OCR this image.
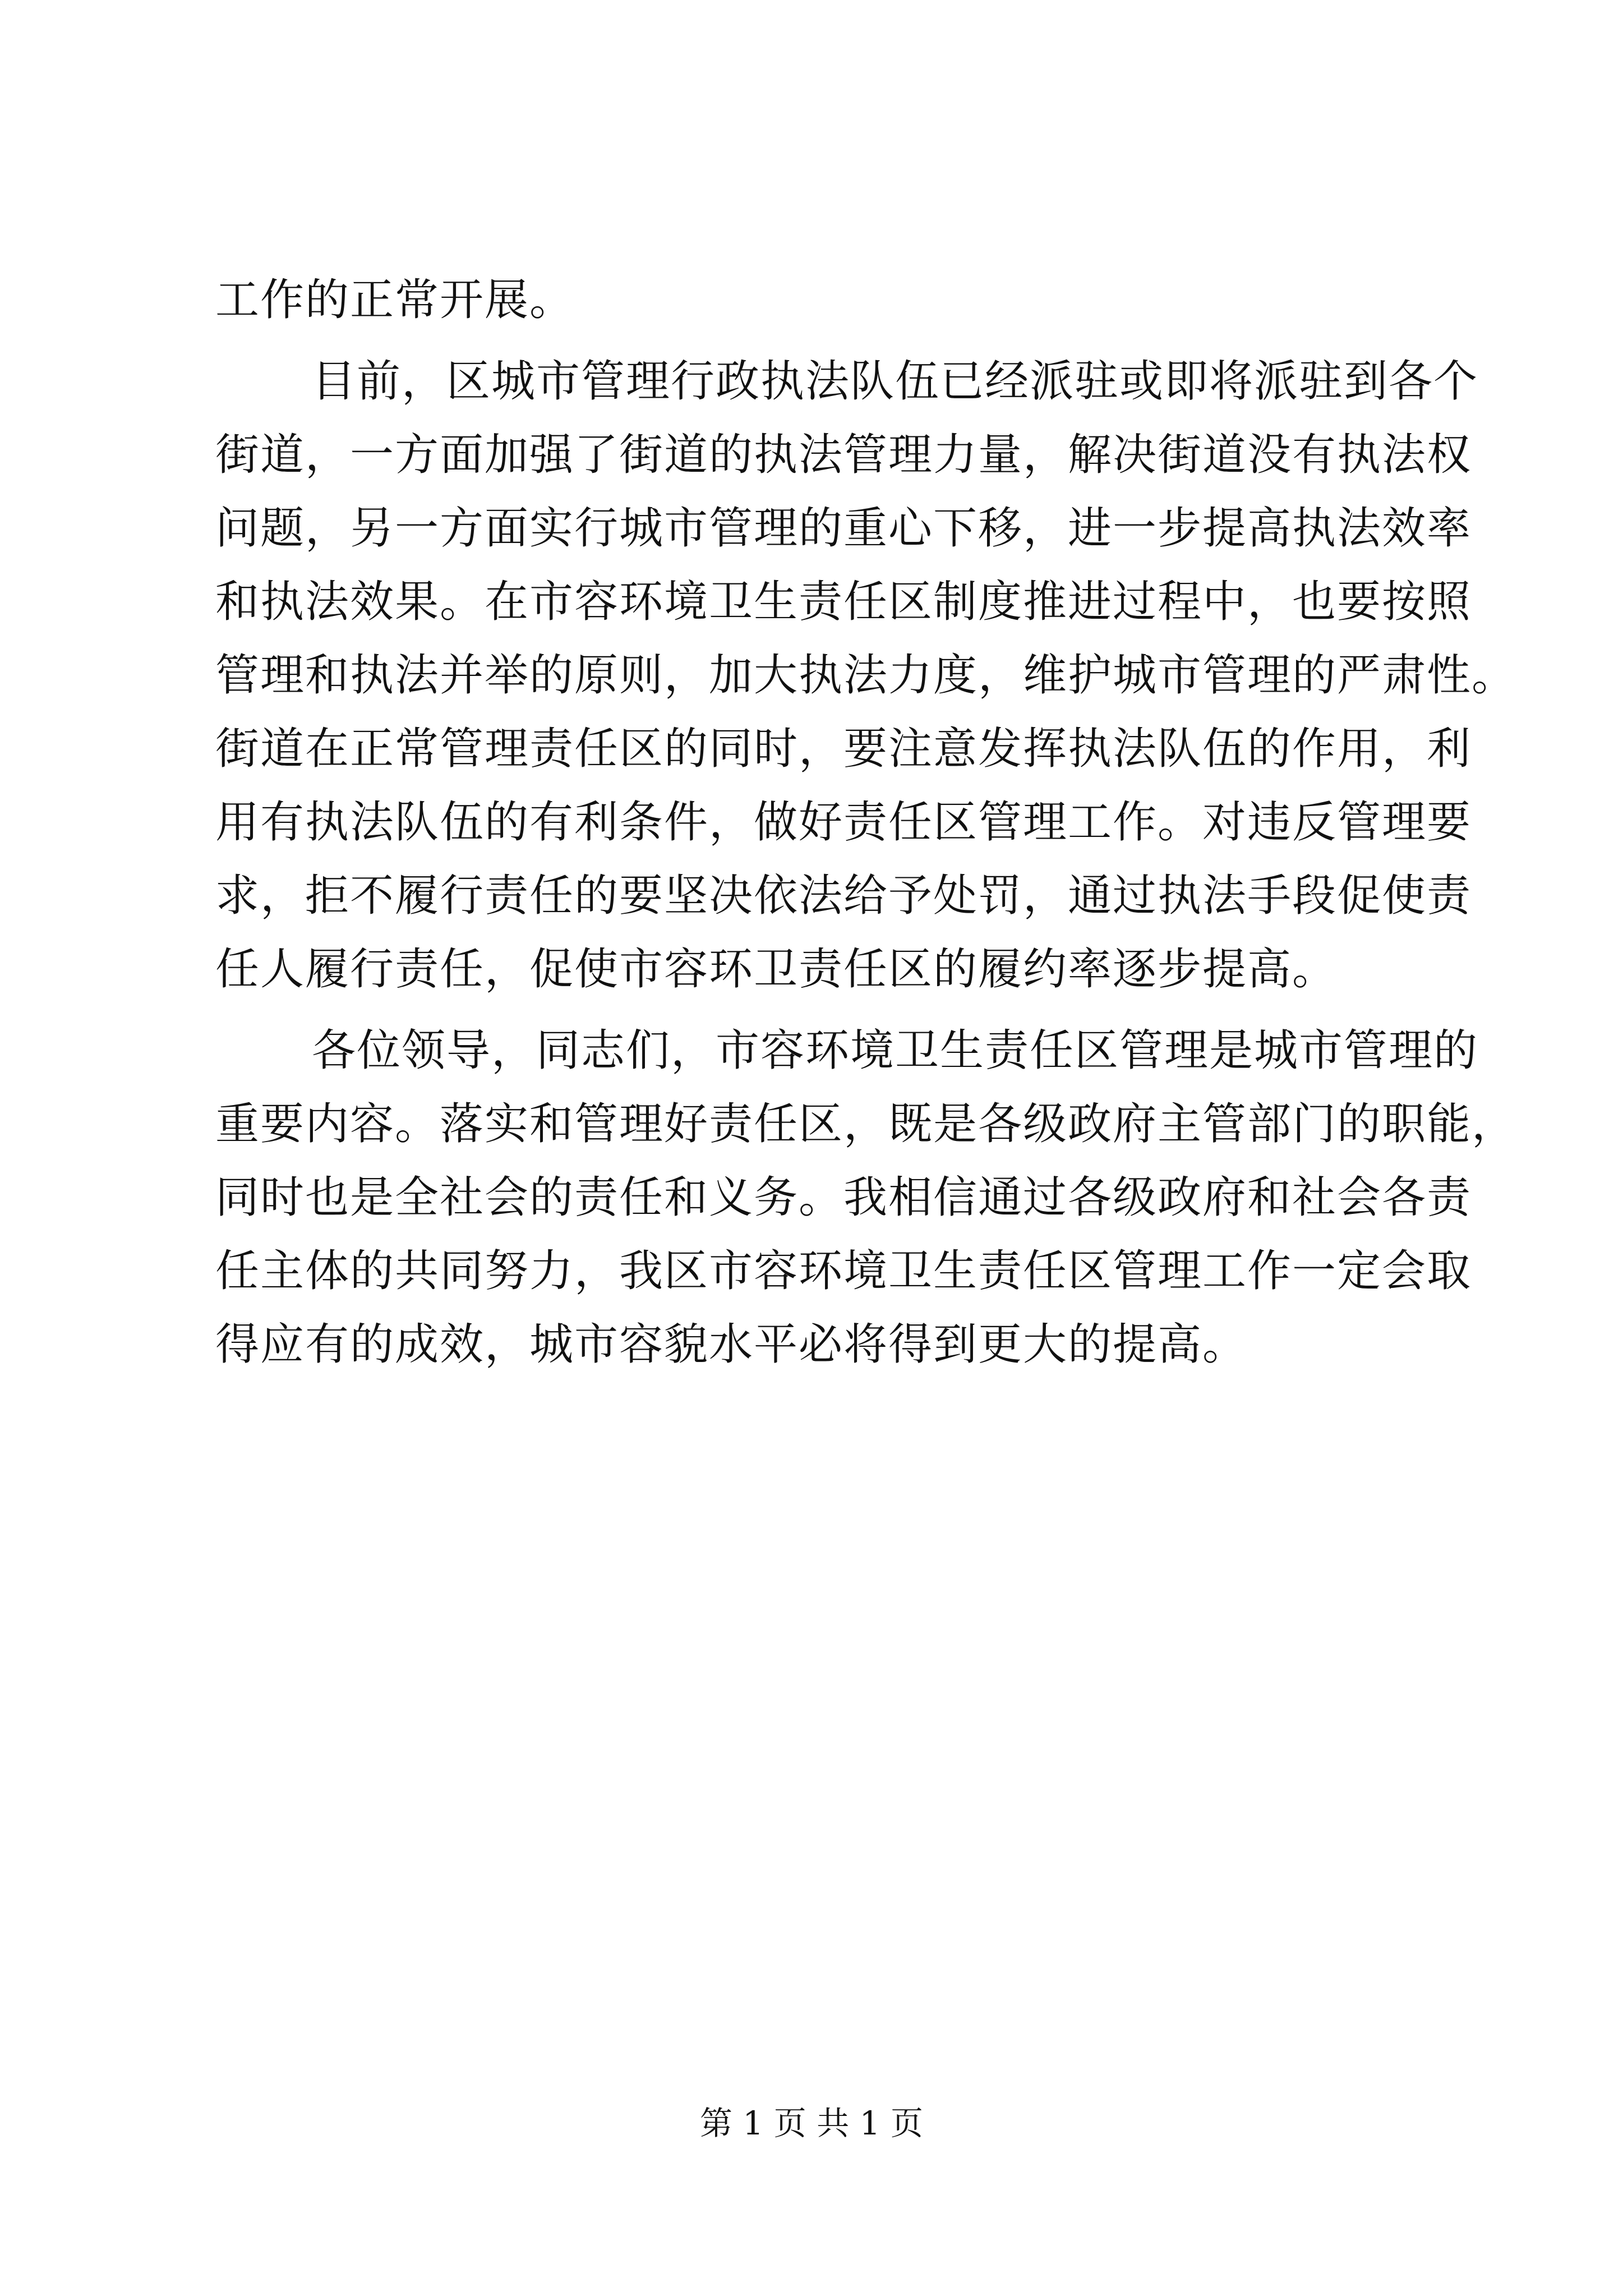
工作的正常开展。
目前，区城市管理行政执法队伍已经派驻或即将派驻到各个
街道，一方面加强了街道的执法管理力量，解决街道没有执法权
问题，另一方面实行城市管理的重心下移，进一步提高执法效率
和执法效果。在市容环境卫生责任区制度推进过程中，也要按照
管理和执法并举的原则，加大执法力度，维护城市管理的严肃性。
街道在正常管理责任区的同时，要注意发挥执法队伍的作用，利
用有执法队伍的有利条件，做好责任区管理工作。对违反管理要
求，拒不履行责任的要坚决依法给予处罚，通过执法手段促使责
任人履行责任，促使市容环卫责任区的履约率逐步提高。
各位领导，同志们，市容环境卫生责任区管理是城市管理的
重要内容。落实和管理好责任区，既是各级政府主管部门的职能，
同时也是全社会的责任和义务。我相信通过各级政府和社会各责
任主体的共同努力，我区市容环境卫生责任区管理工作一定会取
得应有的成效，城市容貌水平必将得到更大的提高。
第 1 页 共 1 页
